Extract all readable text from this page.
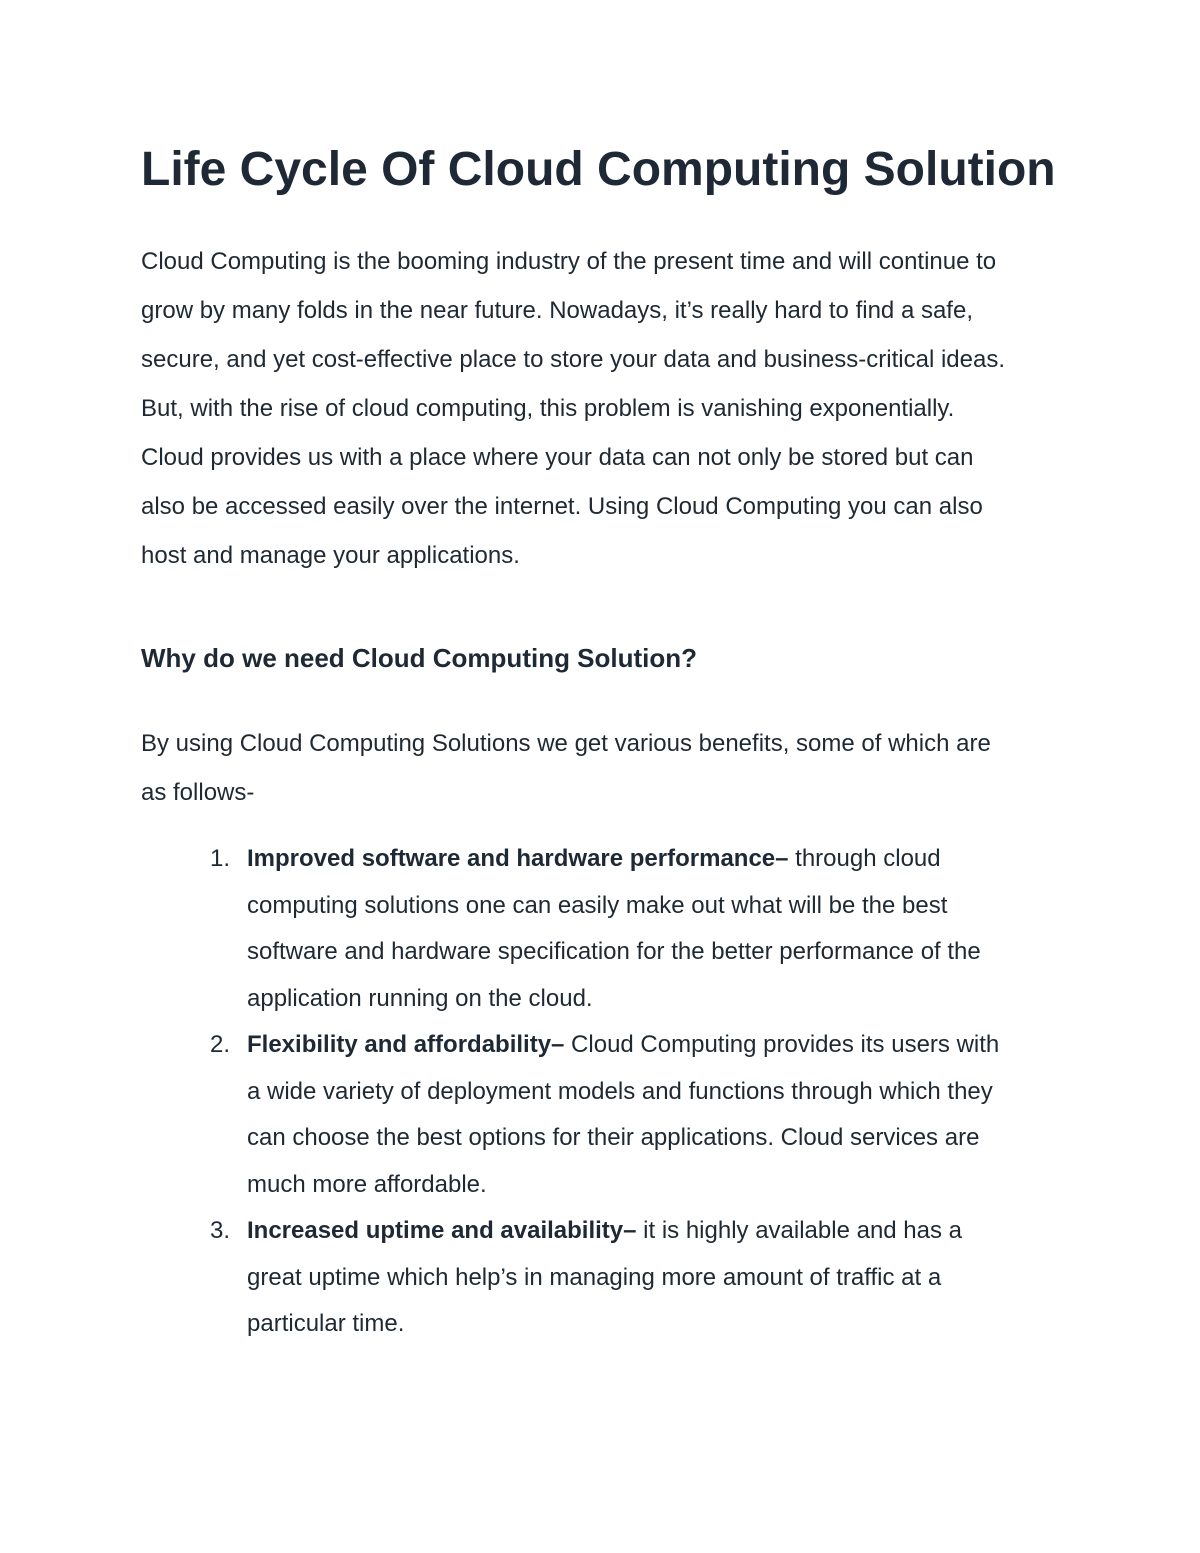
Life Cycle Of Cloud Computing Solution

Cloud Computing is the booming industry of the present time and will continue to
grow by many folds in the near future. Nowadays, it’s really hard to find a safe,
secure, and yet cost-effective place to store your data and business-critical ideas.
But, with the rise of cloud computing, this problem is vanishing exponentially.
Cloud provides us with a place where your data can not only be stored but can
also be accessed easily over the internet. Using Cloud Computing you can also
host and manage your applications.

Why do we need Cloud Computing Solution?

By using Cloud Computing Solutions we get various benefits, some of which are
as follows-

1. Improved software and hardware performance– through cloud
computing solutions one can easily make out what will be the best
software and hardware specification for the better performance of the
application running on the cloud.
2. Flexibility and affordability– Cloud Computing provides its users with
a wide variety of deployment models and functions through which they
can choose the best options for their applications. Cloud services are
much more affordable.
3. Increased uptime and availability– it is highly available and has a
great uptime which help’s in managing more amount of traffic at a
particular time.
